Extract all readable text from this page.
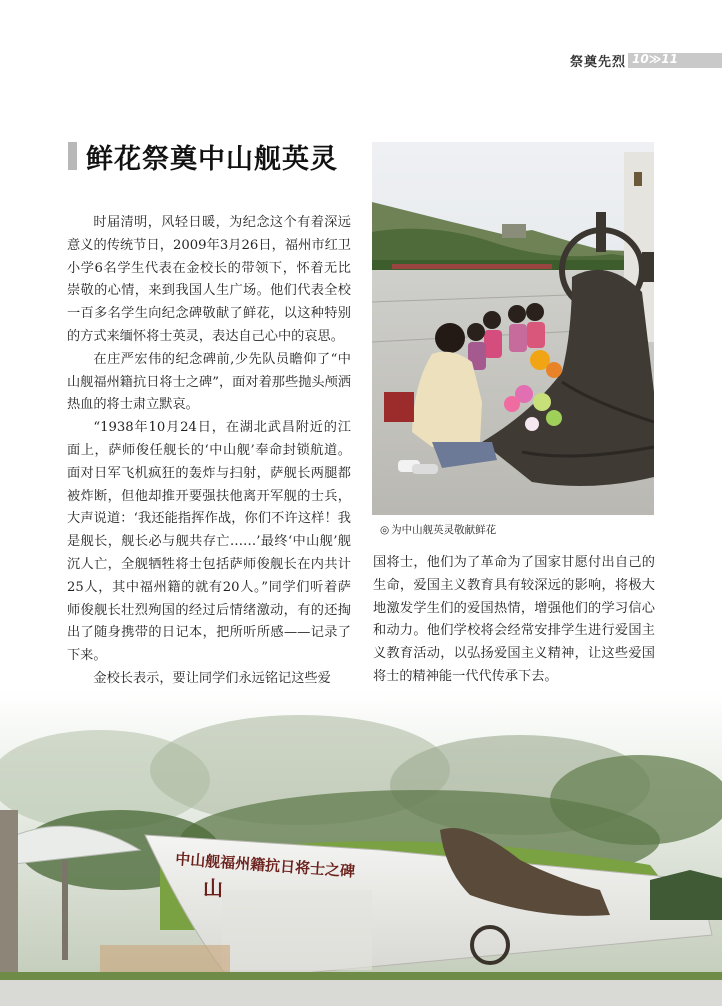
祭奠先烈 10≫11
鲜花祭奠中山舰英灵

时届清明，风轻日暖，为纪念这个有着深远意义的传统节日，2009年3月26日，福州市红卫小学6名学生代表在金校长的带领下，怀着无比崇敬的心情，来到我国人生广场。他们代表全校一百多名学生向纪念碑敬献了鲜花，以这种特别的方式来缅怀将士英灵，表达自己心中的哀思。

在庄严宏伟的纪念碑前,少先队员瞻仰了“中山舰福州籍抗日将士之碑”，面对着那些抛头颅洒热血的将士肃立默哀。

“1938年10月24日，在湖北武昌附近的江面上，萨师俊任舰长的‘中山舰’奉命封锁航道。面对日军飞机疯狂的轰炸与扫射，萨舰长两腿都被炸断，但他却推开要强扶他离开军舰的士兵，大声说道：‘我还能指挥作战，你们不许这样！我是舰长，舰长必与舰共存亡……’最终‘中山舰’舰沉人亡，全舰牺牲将士包括萨师俊舰长在内共计25人，其中福州籍的就有20人。”同学们听着萨师俊舰长壮烈殉国的经过后情绪激动，有的还掏出了随身携带的日记本，把所听所感——记录了下来。

金校长表示，要让同学们永远铭记这些爱

◎ 为中山舰英灵敬献鲜花

国将士，他们为了革命为了国家甘愿付出自己的生命，爱国主义教育具有较深远的影响，将极大地激发学生们的爱国热情，增强他们的学习信心和动力。他们学校将会经常安排学生进行爱国主义教育活动，以弘扬爱国主义精神，让这些爱国将士的精神能一代代传承下去。

中山舰福州籍抗日将士之碑
山
